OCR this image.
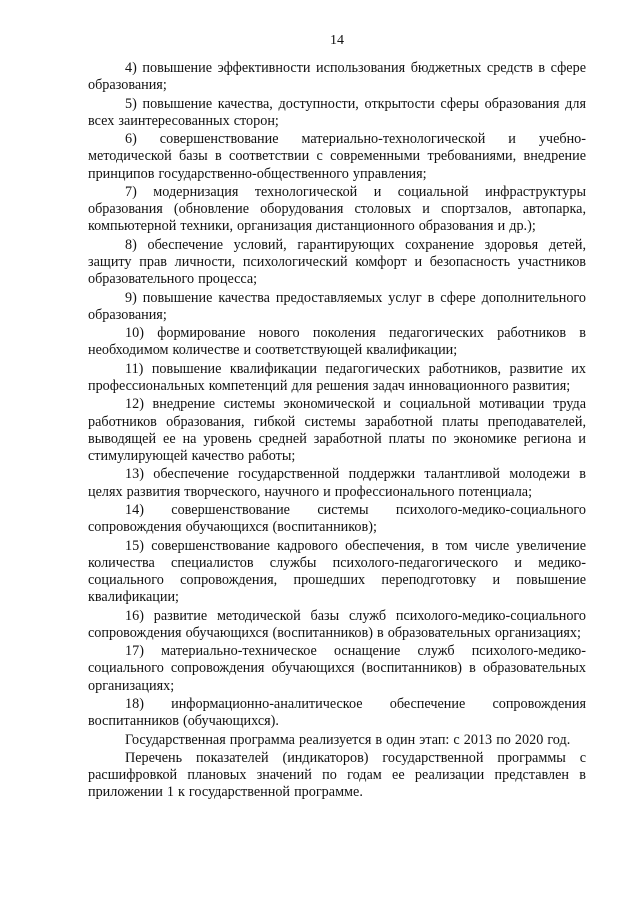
14

4) повышение эффективности использования бюджетных средств в сфере образования;

5) повышение качества, доступности, открытости сферы образования для всех заинтересованных сторон;

6) совершенствование материально-технологической и учебно-методической базы в соответствии с современными требованиями, внедрение принципов государственно-общественного управления;

7) модернизация технологической и социальной инфраструктуры образования (обновление оборудования столовых и спортзалов, автопарка, компьютерной техники, организация дистанционного образования и др.);

8) обеспечение условий, гарантирующих сохранение здоровья детей, защиту прав личности, психологический комфорт и безопасность участников образовательного процесса;

9) повышение качества предоставляемых услуг в сфере дополнительного образования;

10) формирование нового поколения педагогических работников в необходимом количестве и соответствующей квалификации;

11) повышение квалификации педагогических работников, развитие их профессиональных компетенций для решения задач инновационного развития;

12) внедрение системы экономической и социальной мотивации труда работников образования, гибкой системы заработной платы преподавателей, выводящей ее на уровень средней заработной платы по экономике региона и стимулирующей качество работы;

13) обеспечение государственной поддержки талантливой молодежи в целях развития творческого, научного и профессионального потенциала;

14) совершенствование системы психолого-медико-социального сопровождения обучающихся (воспитанников);

15) совершенствование кадрового обеспечения, в том числе увеличение количества специалистов службы психолого-педагогического и медико-социального сопровождения, прошедших переподготовку и повышение квалификации;

16) развитие методической базы служб психолого-медико-социального сопровождения обучающихся (воспитанников) в образовательных организациях;

17) материально-техническое оснащение служб психолого-медико-социального сопровождения обучающихся (воспитанников) в образовательных организациях;

18) информационно-аналитическое обеспечение сопровождения воспитанников (обучающихся).

Государственная программа реализуется в один этап: с 2013 по 2020 год.

Перечень показателей (индикаторов) государственной программы с расшифровкой плановых значений по годам ее реализации представлен в приложении 1 к государственной программе.
